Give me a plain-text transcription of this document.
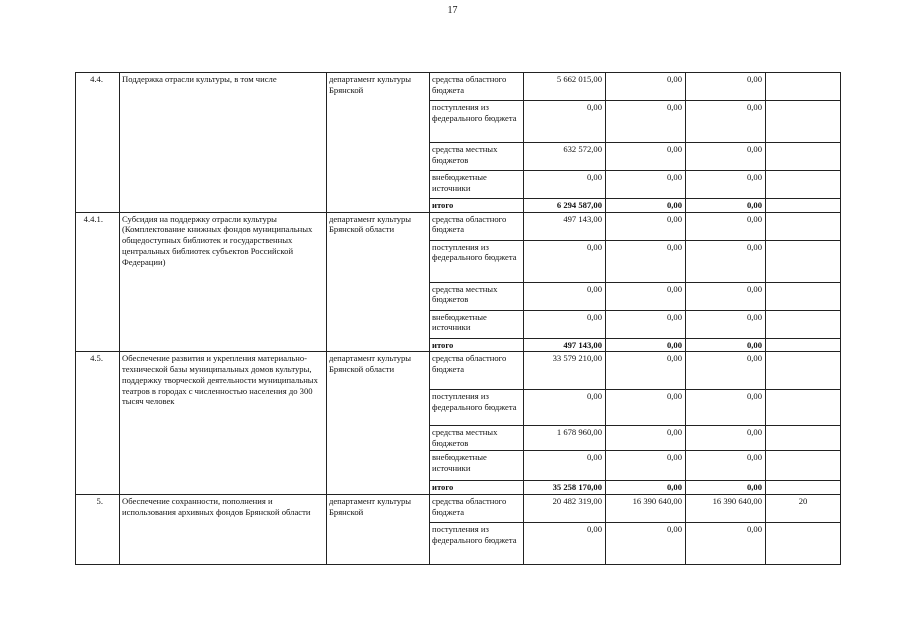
17
4.4.	Поддержка отрасли культуры, в том числе	департамент культуры Брянской	средства областного бюджета	5 662 015,00	0,00	0,00	
			поступления из федерального бюджета	0,00	0,00	0,00	
			средства местных бюджетов	632 572,00	0,00	0,00	
			внебюджетные источники	0,00	0,00	0,00	
			итого	6 294 587,00	0,00	0,00	
4.4.1.	Субсидия на поддержку отрасли культуры (Комплектование книжных фондов муниципальных общедоступных библиотек и государственных центральных библиотек субъектов Российской Федерации)	департамент культуры Брянской области	средства областного бюджета	497 143,00	0,00	0,00	
			поступления из федерального бюджета	0,00	0,00	0,00	
			средства местных бюджетов	0,00	0,00	0,00	
			внебюджетные источники	0,00	0,00	0,00	
			итого	497 143,00	0,00	0,00	
4.5.	Обеспечение развития и укрепления материально-технической базы муниципальных домов культуры, поддержку творческой деятельности муниципальных театров в городах с численностью населения до 300 тысяч человек	департамент культуры Брянской области	средства областного бюджета	33 579 210,00	0,00	0,00	
			поступления из федерального бюджета	0,00	0,00	0,00	
			средства местных бюджетов	1 678 960,00	0,00	0,00	
			внебюджетные источники	0,00	0,00	0,00	
			итого	35 258 170,00	0,00	0,00	
5.	Обеспечение сохранности, пополнения и использования архивных фондов Брянской области	департамент культуры Брянской	средства областного бюджета	20 482 319,00	16 390 640,00	16 390 640,00	20
			поступления из федерального бюджета	0,00	0,00	0,00	
